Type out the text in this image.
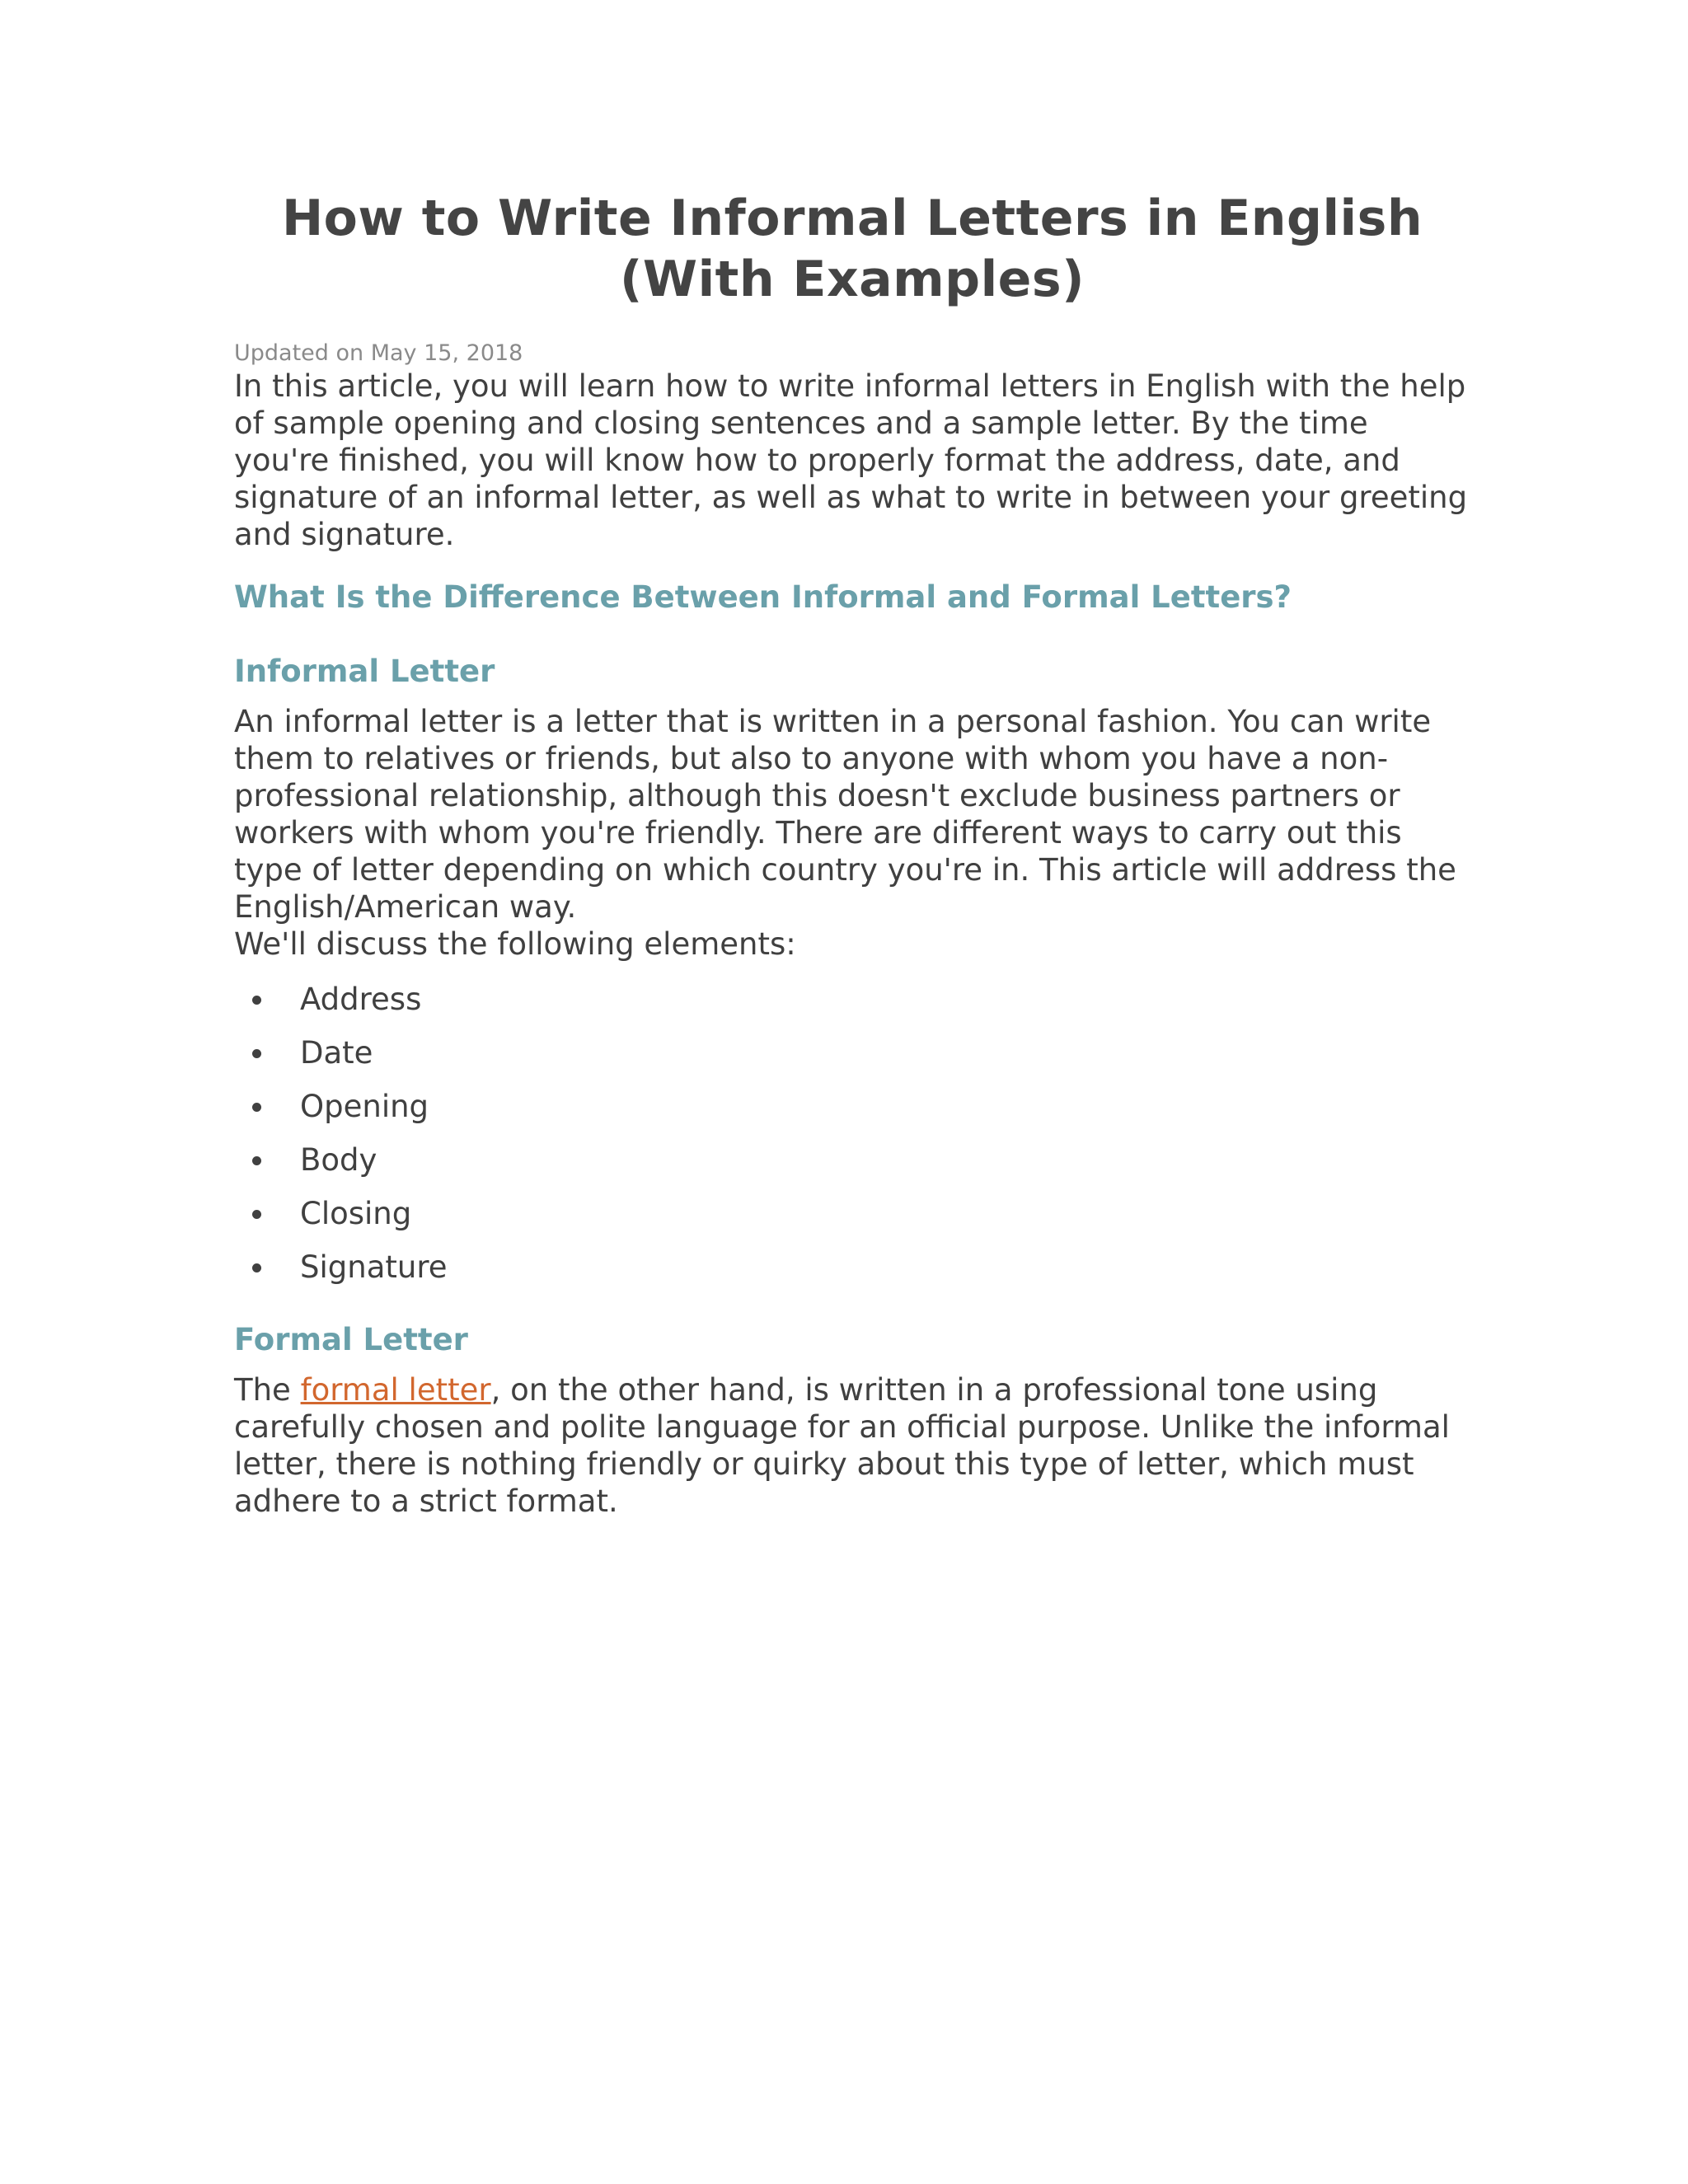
How to Write Informal Letters in English
(With Examples)
Updated on May 15, 2018

In this article, you will learn how to write informal letters in English with the help of sample opening and closing sentences and a sample letter. By the time you're finished, you will know how to properly format the address, date, and signature of an informal letter, as well as what to write in between your greeting and signature.

What Is the Difference Between Informal and Formal Letters?
Informal Letter

An informal letter is a letter that is written in a personal fashion. You can write them to relatives or friends, but also to anyone with whom you have a non-professional relationship, although this doesn't exclude business partners or workers with whom you're friendly. There are different ways to carry out this type of letter depending on which country you're in. This article will address the English/American way.

We'll discuss the following elements:

Address
Date
Opening
Body
Closing
Signature
Formal Letter

The formal letter, on the other hand, is written in a professional tone using carefully chosen and polite language for an official purpose. Unlike the informal letter, there is nothing friendly or quirky about this type of letter, which must adhere to a strict format.
